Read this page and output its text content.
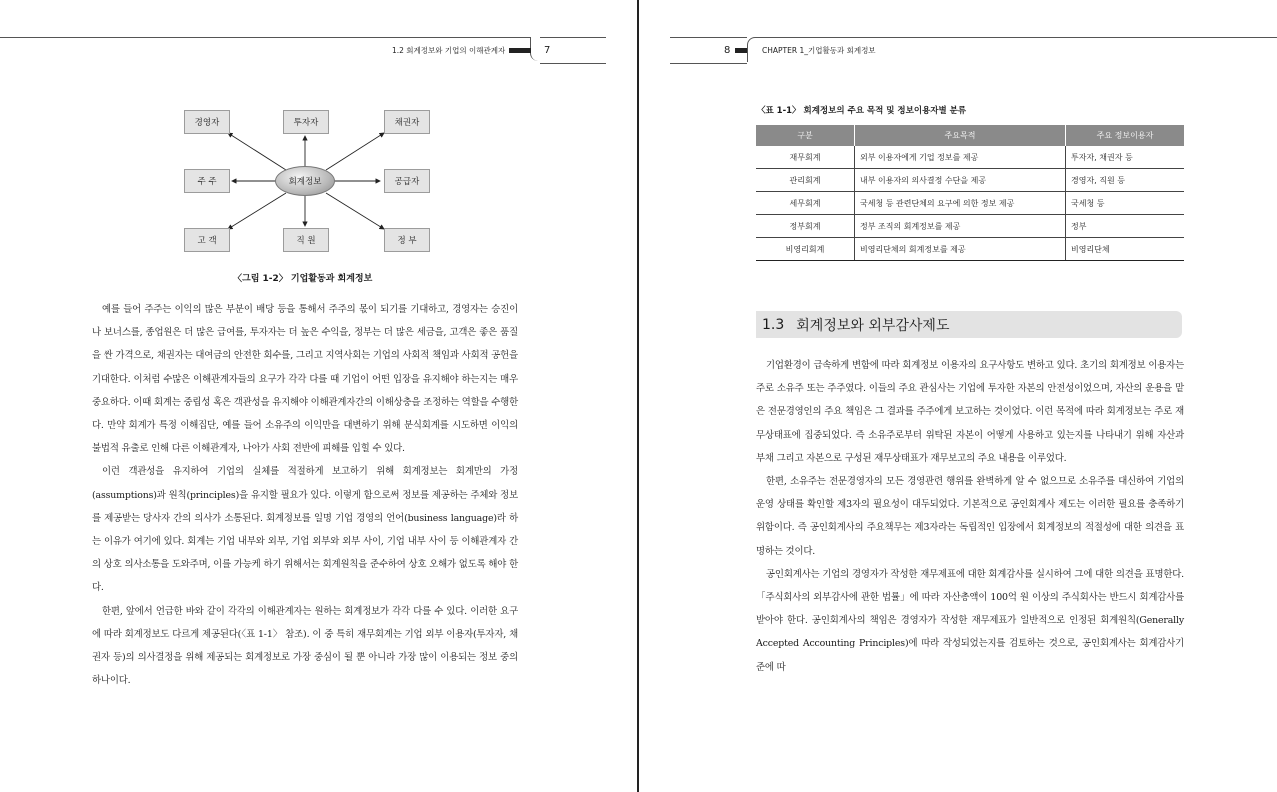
1.2 회계정보와 기업의 이해관계자	7
경영자	투자자	채권자
주 주	회계정보	공급자
고 객	직 원	정 부
〈그림 1-2〉 기업활동과 회계정보

예를 들어 주주는 이익의 많은 부분이 배당 등을 통해서 주주의 몫이 되기를 기대하고, 경영자는 승진이나 보너스를, 종업원은 더 많은 급여를, 투자자는 더 높은 수익을, 정부는 더 많은 세금을, 고객은 좋은 품질을 싼 가격으로, 채권자는 대여금의 안전한 회수를, 그리고 지역사회는 기업의 사회적 책임과 사회적 공헌을 기대한다. 이처럼 수많은 이해관계자들의 요구가 각각 다를 때 기업이 어떤 입장을 유지해야 하는지는 매우 중요하다. 이때 회계는 중립성 혹은 객관성을 유지해야 이해관계자간의 이해상충을 조정하는 역할을 수행한다. 만약 회계가 특정 이해집단, 예를 들어 소유주의 이익만을 대변하기 위해 분식회계를 시도하면 이익의 불법적 유출로 인해 다른 이해관계자, 나아가 사회 전반에 피해를 입힐 수 있다.

이런 객관성을 유지하여 기업의 실체를 적절하게 보고하기 위해 회계정보는 회계만의 가정(assumptions)과 원칙(principles)을 유지할 필요가 있다. 이렇게 함으로써 정보를 제공하는 주체와 정보를 제공받는 당사자 간의 의사가 소통된다. 회계정보를 일명 기업 경영의 언어(business language)라 하는 이유가 여기에 있다. 회계는 기업 내부와 외부, 기업 외부와 외부 사이, 기업 내부 사이 등 이해관계자 간의 상호 의사소통을 도와주며, 이를 가능케 하기 위해서는 회계원칙을 준수하여 상호 오해가 없도록 해야 한다.

한편, 앞에서 언급한 바와 같이 각각의 이해관계자는 원하는 회계정보가 각각 다를 수 있다. 이러한 요구에 따라 회계정보도 다르게 제공된다(〈표 1-1〉 참조). 이 중 특히 재무회계는 기업 외부 이용자(투자자, 채권자 등)의 의사결정을 위해 제공되는 회계정보로 가장 중심이 될 뿐 아니라 가장 많이 이용되는 정보 중의 하나이다.

8	CHAPTER 1_기업활동과 회계정보
〈표 1-1〉 회계정보의 주요 목적 및 정보이용자별 분류
구분	주요목적	주요 정보이용자
재무회계	외부 이용자에게 기업 정보를 제공	투자자, 채권자 등
관리회계	내부 이용자의 의사결정 수단을 제공	경영자, 직원 등
세무회계	국세청 등 관련단체의 요구에 의한 정보 제공	국세청 등
정부회계	정부 조직의 회계정보를 제공	정부
비영리회계	비영리단체의 회계정보를 제공	비영리단체
1.3 회계정보와 외부감사제도

기업환경이 급속하게 변함에 따라 회계정보 이용자의 요구사항도 변하고 있다. 초기의 회계정보 이용자는 주로 소유주 또는 주주였다. 이들의 주요 관심사는 기업에 투자한 자본의 안전성이었으며, 자산의 운용을 맡은 전문경영인의 주요 책임은 그 결과를 주주에게 보고하는 것이었다. 이런 목적에 따라 회계정보는 주로 재무상태표에 집중되었다. 즉 소유주로부터 위탁된 자본이 어떻게 사용하고 있는지를 나타내기 위해 자산과 부채 그리고 자본으로 구성된 재무상태표가 재무보고의 주요 내용을 이루었다.

한편, 소유주는 전문경영자의 모든 경영관련 행위를 완벽하게 알 수 없으므로 소유주를 대신하여 기업의 운영 상태를 확인할 제3자의 필요성이 대두되었다. 기본적으로 공인회계사 제도는 이러한 필요를 충족하기 위함이다. 즉 공인회계사의 주요책무는 제3자라는 독립적인 입장에서 회계정보의 적절성에 대한 의견을 표명하는 것이다.

공인회계사는 기업의 경영자가 작성한 재무제표에 대한 회계감사를 실시하여 그에 대한 의견을 표명한다. 「주식회사의 외부감사에 관한 법률」에 따라 자산총액이 100억 원 이상의 주식회사는 반드시 회계감사를 받아야 한다. 공인회계사의 책임은 경영자가 작성한 재무제표가 일반적으로 인정된 회계원칙(Generally Accepted Accounting Principles)에 따라 작성되었는지를 검토하는 것으로, 공인회계사는 회계감사기준에 따
